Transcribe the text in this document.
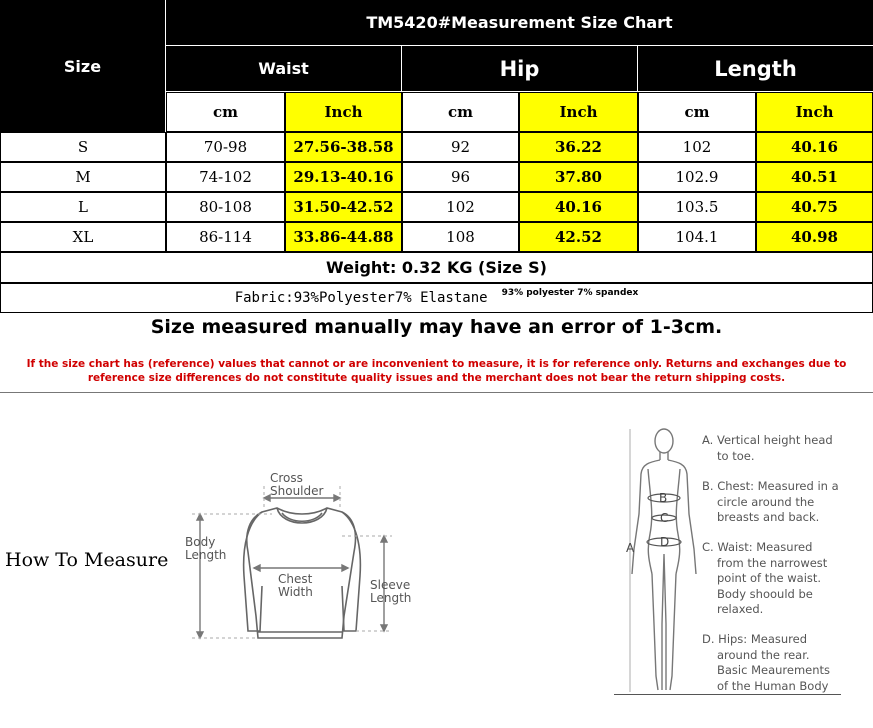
Size
TM5420#Measurement Size Chart
Waist	Hip	Length
cm	Inch	cm	Inch	cm	Inch
S	70-98	27.56-38.58	92	36.22	102	40.16
M	74-102	29.13-40.16	96	37.80	102.9	40.51
L	80-108	31.50-42.52	102	40.16	103.5	40.75
XL	86-114	33.86-44.88	108	42.52	104.1	40.98
Weight: 0.32 KG (Size S)
Fabric:93%Polyester7% Elastane 93% polyester 7% spandex
Size measured manually may have an error of 1-3cm.
If the size chart has (reference) values that cannot or are inconvenient to measure, it is for reference only. Returns and exchanges due to
reference size differences do not constitute quality issues and the merchant does not bear the return shipping costs.
How To Measure
Cross
Shoulder
Body
Length
Chest
Width	Sleeve
Length
A
B
C
D
A. Vertical height head
to toe.
B. Chest: Measured in a
circle around the
breasts and back.
C. Waist: Measured
from the narrowest
point of the waist.
Body shoould be
relaxed.
D. Hips: Measured
around the rear.
Basic Meaurements
of the Human Body
